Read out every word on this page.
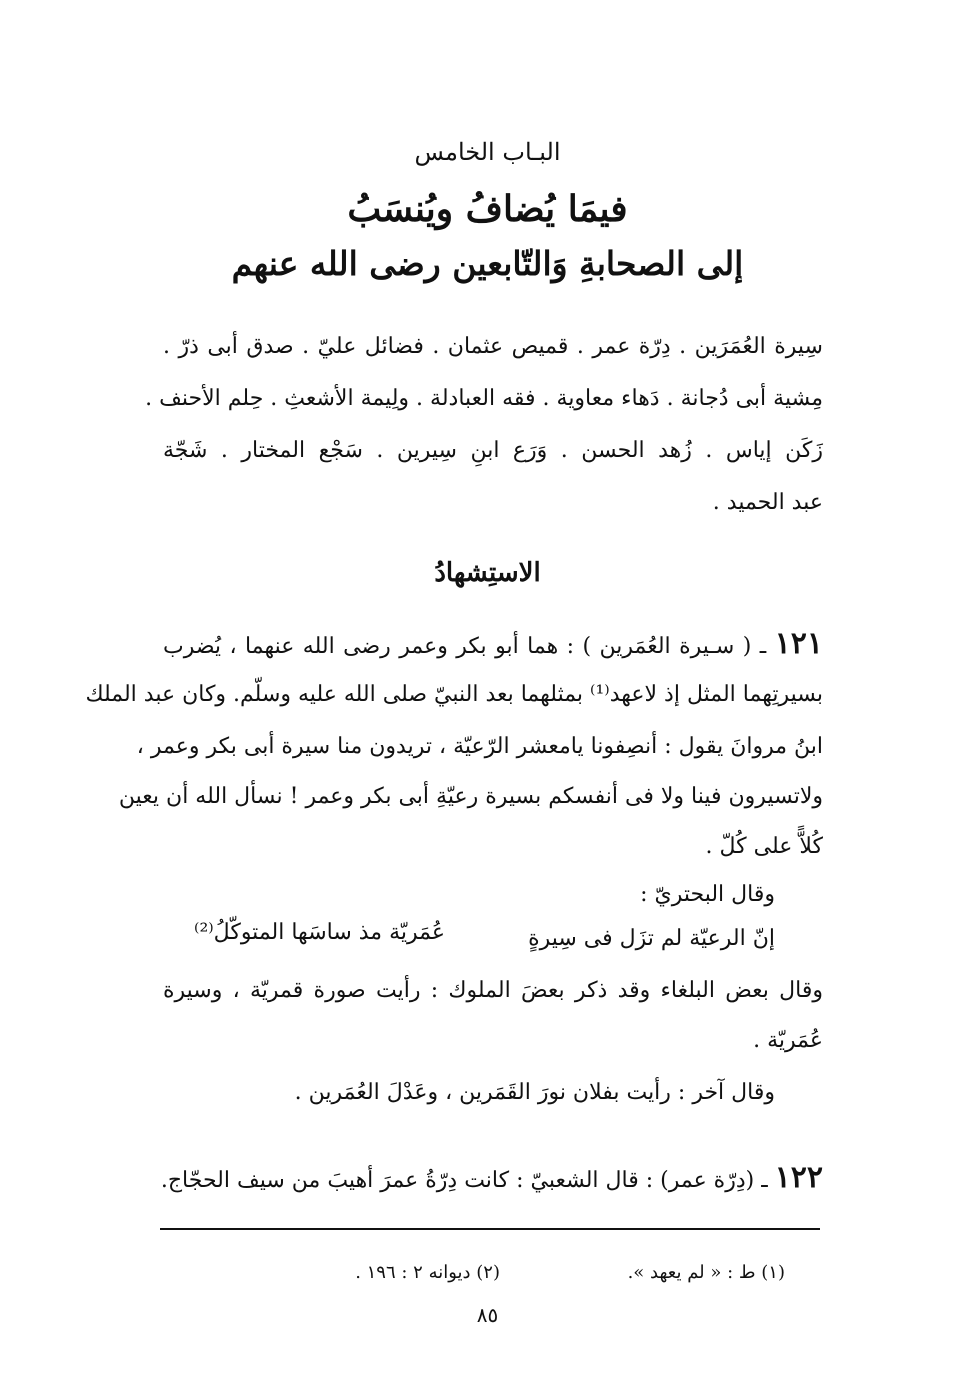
البـاب الخامس
فيمَا يُضافُ ويُنسَبُ
إلى الصحابةِ وَالتّابعين رضى الله عنهم
سِيرة العُمَرَين . دِرّة عمر . قميص عثمان . فضائل عليّ . صدق أبى ذرّ .
مِشية أبى دُجانة . دَهاء معاوية . فقه العبادلة . ولِيمة الأشعثِ . حِلم الأحنف .
زَكَن إياس . زُهد الحسن . وَرَع ابنِ سِيرين . سَجْع المختار . شَجّة
عبد الحميد .
الاستِشهادُ
١٢١ ـ ( سـيرة العُمَرين ) : هما أبو بكر وعمر رضى الله عنهما ، يُضرب
بسيرتِهما المثل إذ لاعهد⁽¹⁾ بمثلهما بعد النبيّ صلى الله عليه وسلّم. وكان عبد الملك
ابنُ مروانَ يقول : أنصِفونا يامعشر الرّعيّة ، تريدون منا سيرة أبى بكر وعمر ،
ولاتسيرون فينا ولا فى أنفسكم بسيرة رعيّةِ أبى بكر وعمر ! نسأل الله أن يعين
كُلاًّ على كُلّ .
وقال البحتريّ :
إنّ الرعيّة لم تزَل فى سِيرةٍ
عُمَريّة مذ ساسَها المتوكّلُ⁽²⁾
وقال بعض البلغاء وقد ذكر بعضَ الملوك : رأيت صورة قمريّة ، وسيرة
عُمَريّة .
وقال آخر : رأيت بفلان نورَ القَمَرين ، وعَدْلَ العُمَرين .
١٢٢ ـ (دِرّة عمر) : قال الشعبيّ : كانت دِرّةُ عمرَ أهيبَ من سيف الحجّاج.
(١) ط : « لم يعهد ».
(٢) ديوانه ٢ : ١٩٦ .
٨٥
